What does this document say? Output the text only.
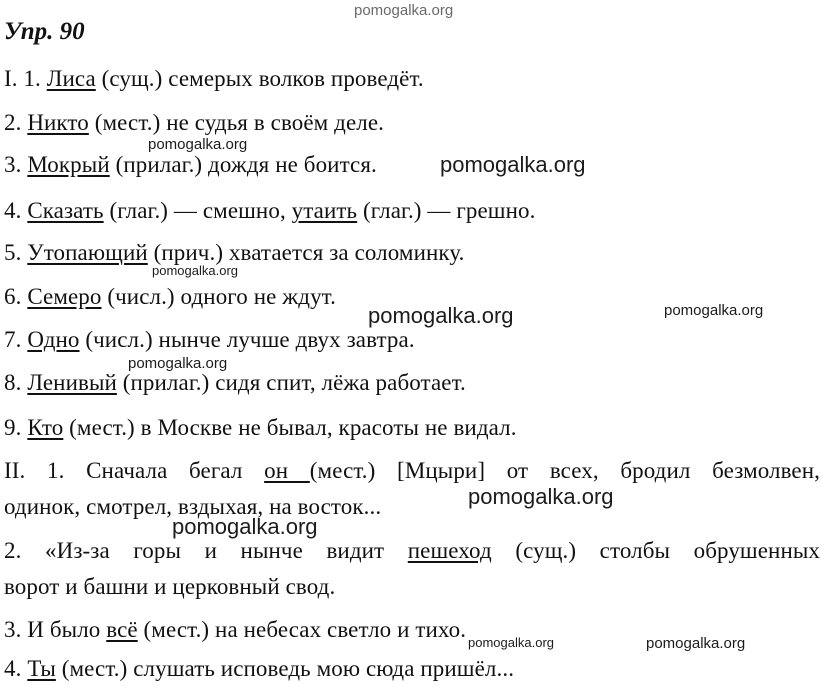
pomogalka.org
Упр. 90
I. 1. Лиса (сущ.) семерых волков проведёт.
2. Никто (мест.) не судья в своём деле.
3. Мокрый (прилаг.) дождя не боится.
4. Сказать (глаг.) — смешно, утаить (глаг.) — грешно.
5. Утопающий (прич.) хватается за соломинку.
6. Семеро (числ.) одного не ждут.
7. Одно (числ.) нынче лучше двух завтра.
8. Ленивый (прилаг.) сидя спит, лёжа работает.
9. Кто (мест.) в Москве не бывал, красоты не видал.
II. 1. Сначала бегал он (мест.) [Мцыри] от всех, бродил безмолвен,
одинок, смотрел, вздыхая, на восток...
2. «Из-за горы и нынче видит пешеход (сущ.) столбы обрушенных
ворот и башни и церковный свод.
3. И было всё (мест.) на небесах светло и тихо.
4. Ты (мест.) слушать исповедь мою сюда пришёл...
pomogalka.org
pomogalka.org
pomogalka.org
pomogalka.org
pomogalka.org
pomogalka.org
pomogalka.org
pomogalka.org
pomogalka.org	pomogalka.org
